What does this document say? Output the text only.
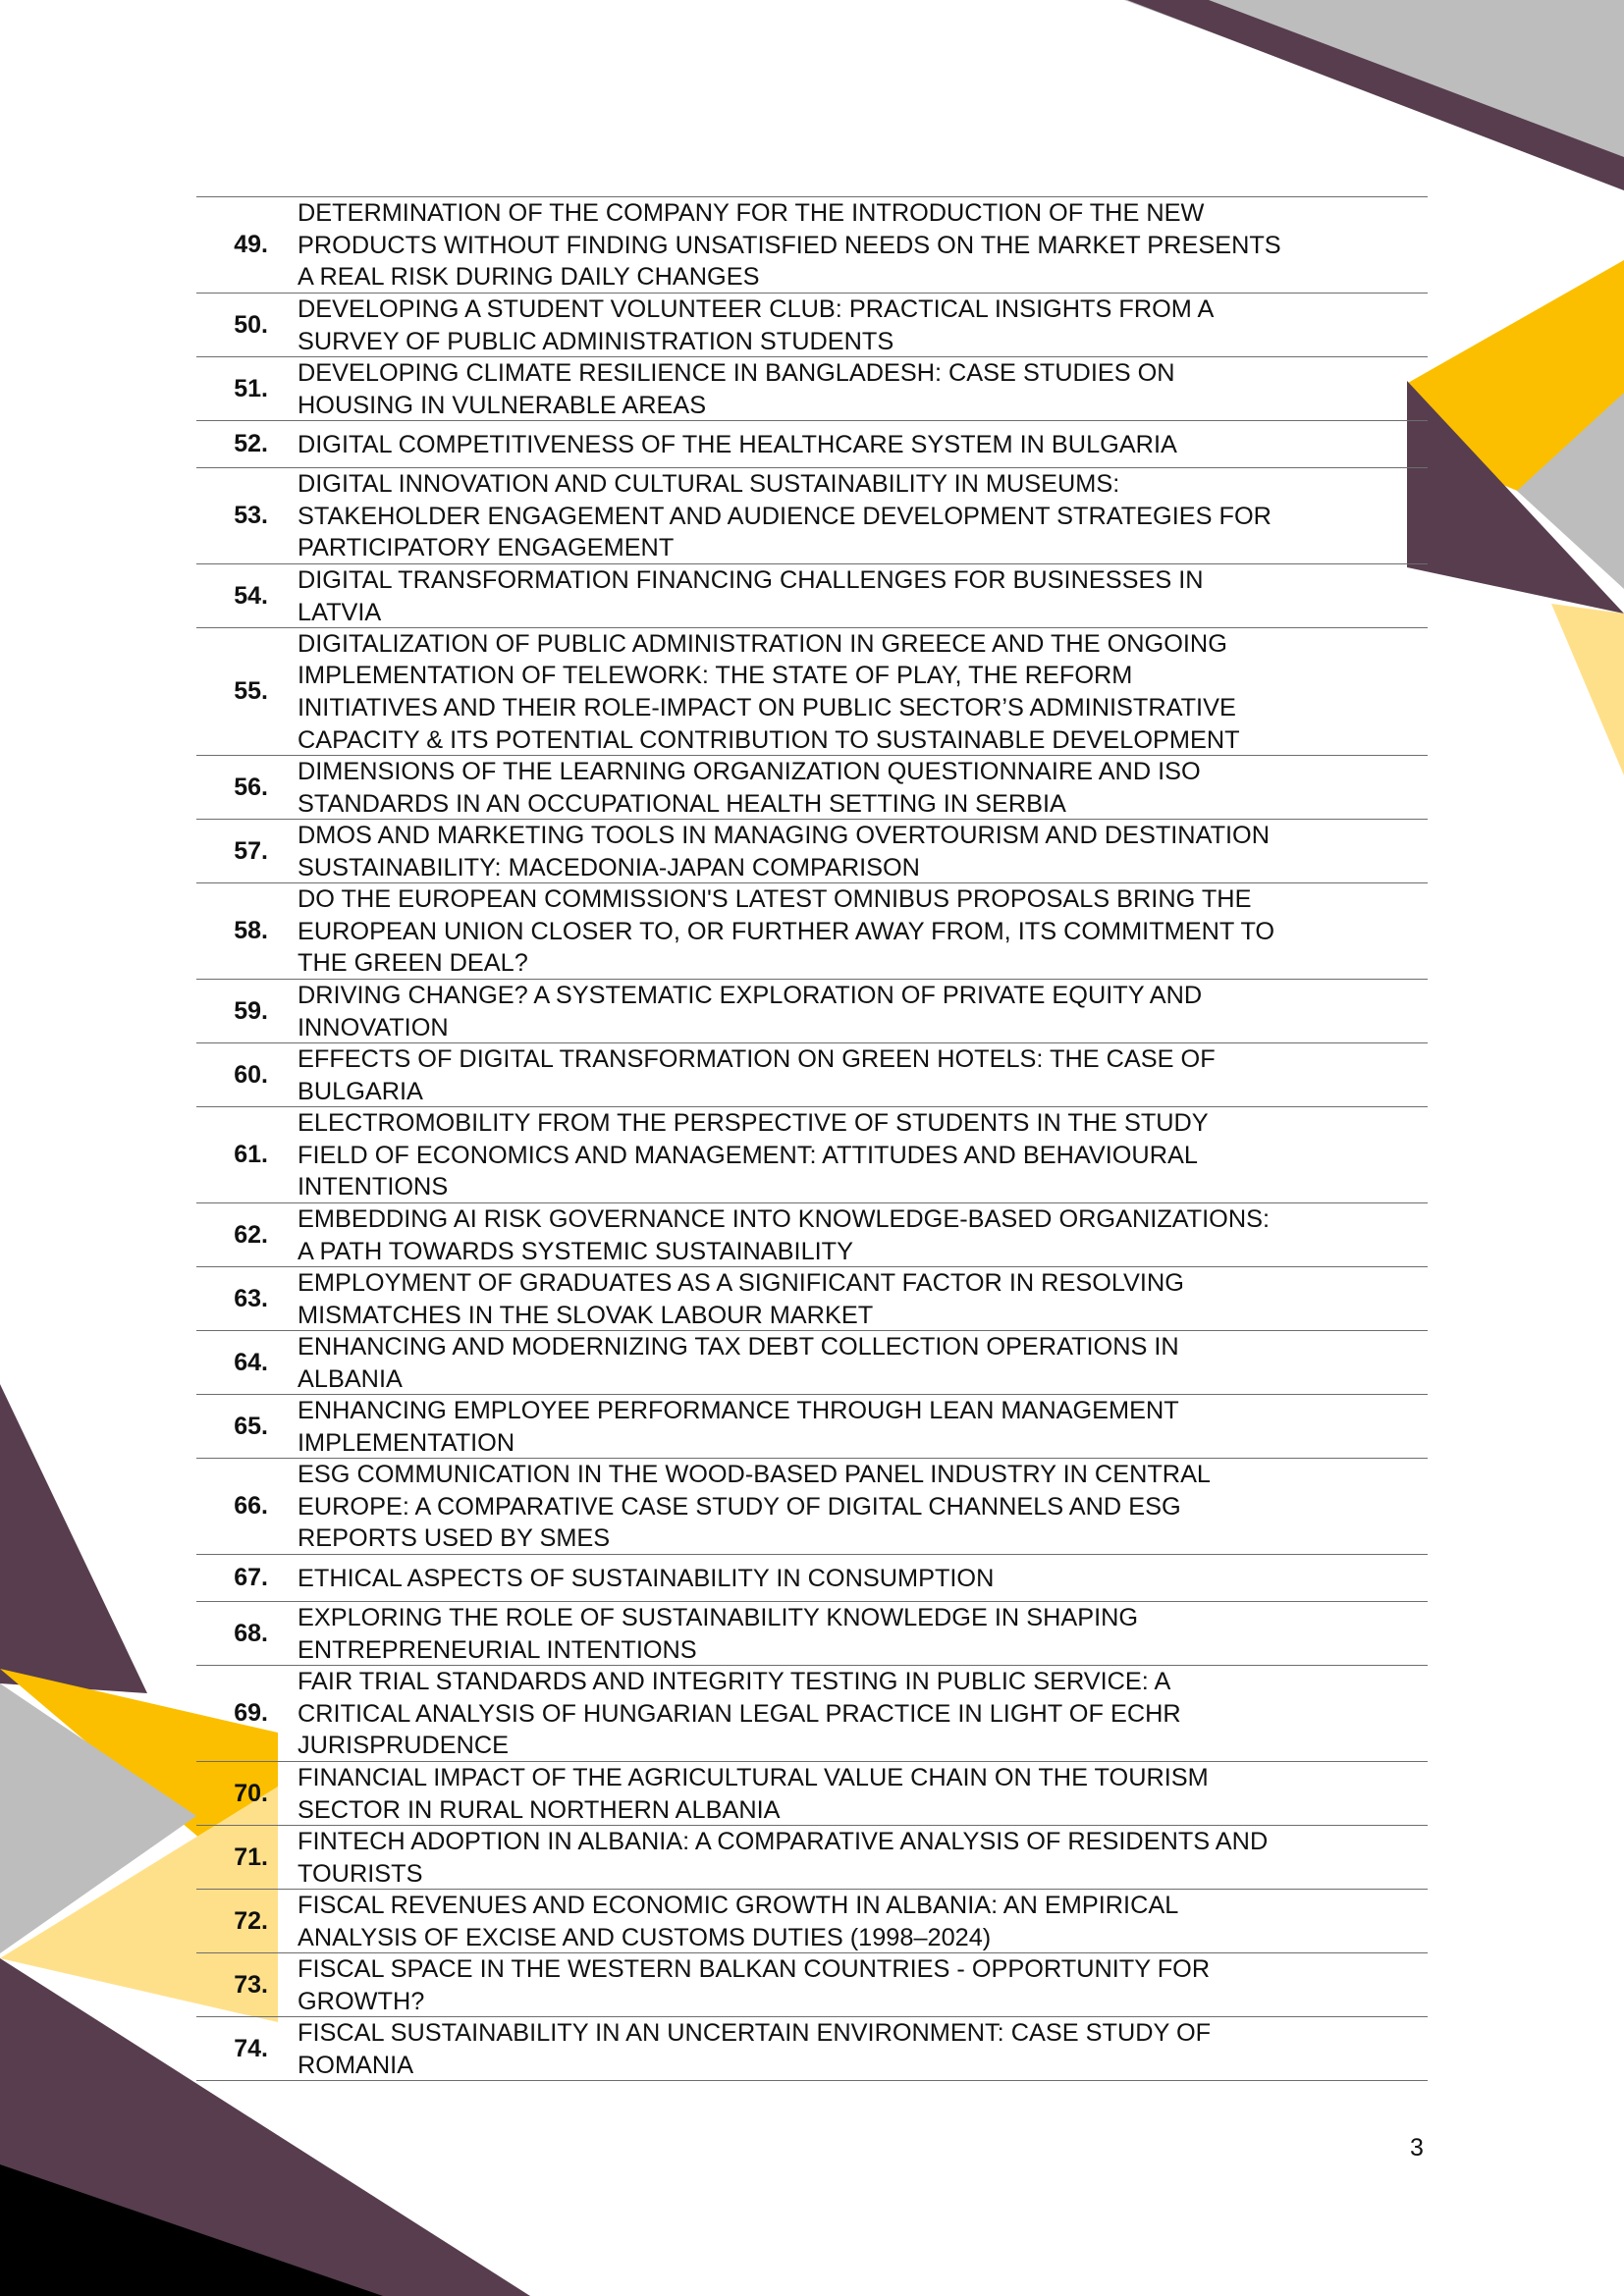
49.
DETERMINATION OF THE COMPANY FOR THE INTRODUCTION OF THE NEW
PRODUCTS WITHOUT FINDING UNSATISFIED NEEDS ON THE MARKET PRESENTS
A REAL RISK DURING DAILY CHANGES
50.
DEVELOPING A STUDENT VOLUNTEER CLUB: PRACTICAL INSIGHTS FROM A
SURVEY OF PUBLIC ADMINISTRATION STUDENTS
51.
DEVELOPING CLIMATE RESILIENCE IN BANGLADESH: CASE STUDIES ON
HOUSING IN VULNERABLE AREAS
52.	DIGITAL COMPETITIVENESS OF THE HEALTHCARE SYSTEM IN BULGARIA
53.
DIGITAL INNOVATION AND CULTURAL SUSTAINABILITY IN MUSEUMS:
STAKEHOLDER ENGAGEMENT AND AUDIENCE DEVELOPMENT STRATEGIES FOR
PARTICIPATORY ENGAGEMENT
54.
DIGITAL TRANSFORMATION FINANCING CHALLENGES FOR BUSINESSES IN
LATVIA
55.
DIGITALIZATION OF PUBLIC ADMINISTRATION IN GREECE AND THE ONGOING
IMPLEMENTATION OF TELEWORK: THE STATE OF PLAY, THE REFORM
INITIATIVES AND THEIR ROLE-IMPACT ON PUBLIC SECTOR’S ADMINISTRATIVE
CAPACITY & ITS POTENTIAL CONTRIBUTION TO SUSTAINABLE DEVELOPMENT
56.
DIMENSIONS OF THE LEARNING ORGANIZATION QUESTIONNAIRE AND ISO
STANDARDS IN AN OCCUPATIONAL HEALTH SETTING IN SERBIA
57.
DMOS AND MARKETING TOOLS IN MANAGING OVERTOURISM AND DESTINATION
SUSTAINABILITY: MACEDONIA-JAPAN COMPARISON
58.
DO THE EUROPEAN COMMISSION'S LATEST OMNIBUS PROPOSALS BRING THE
EUROPEAN UNION CLOSER TO, OR FURTHER AWAY FROM, ITS COMMITMENT TO
THE GREEN DEAL?
59.
DRIVING CHANGE? A SYSTEMATIC EXPLORATION OF PRIVATE EQUITY AND
INNOVATION
60.
EFFECTS OF DIGITAL TRANSFORMATION ON GREEN HOTELS: THE CASE OF
BULGARIA
61.
ELECTROMOBILITY FROM THE PERSPECTIVE OF STUDENTS IN THE STUDY
FIELD OF ECONOMICS AND MANAGEMENT: ATTITUDES AND BEHAVIOURAL
INTENTIONS
62.
EMBEDDING AI RISK GOVERNANCE INTO KNOWLEDGE-BASED ORGANIZATIONS:
A PATH TOWARDS SYSTEMIC SUSTAINABILITY
63.
EMPLOYMENT OF GRADUATES AS A SIGNIFICANT FACTOR IN RESOLVING
MISMATCHES IN THE SLOVAK LABOUR MARKET
64.
ENHANCING AND MODERNIZING TAX DEBT COLLECTION OPERATIONS IN
ALBANIA
65.
ENHANCING EMPLOYEE PERFORMANCE THROUGH LEAN MANAGEMENT
IMPLEMENTATION
66.
ESG COMMUNICATION IN THE WOOD-BASED PANEL INDUSTRY IN CENTRAL
EUROPE: A COMPARATIVE CASE STUDY OF DIGITAL CHANNELS AND ESG
REPORTS USED BY SMES
67.	ETHICAL ASPECTS OF SUSTAINABILITY IN CONSUMPTION
68.
EXPLORING THE ROLE OF SUSTAINABILITY KNOWLEDGE IN SHAPING
ENTREPRENEURIAL INTENTIONS
69.
FAIR TRIAL STANDARDS AND INTEGRITY TESTING IN PUBLIC SERVICE: A
CRITICAL ANALYSIS OF HUNGARIAN LEGAL PRACTICE IN LIGHT OF ECHR
JURISPRUDENCE
70.
FINANCIAL IMPACT OF THE AGRICULTURAL VALUE CHAIN ON THE TOURISM
SECTOR IN RURAL NORTHERN ALBANIA
71.
FINTECH ADOPTION IN ALBANIA: A COMPARATIVE ANALYSIS OF RESIDENTS AND
TOURISTS
72.
FISCAL REVENUES AND ECONOMIC GROWTH IN ALBANIA: AN EMPIRICAL
ANALYSIS OF EXCISE AND CUSTOMS DUTIES (1998–2024)
73.
FISCAL SPACE IN THE WESTERN BALKAN COUNTRIES - OPPORTUNITY FOR
GROWTH?
74.
FISCAL SUSTAINABILITY IN AN UNCERTAIN ENVIRONMENT: CASE STUDY OF
ROMANIA
3
